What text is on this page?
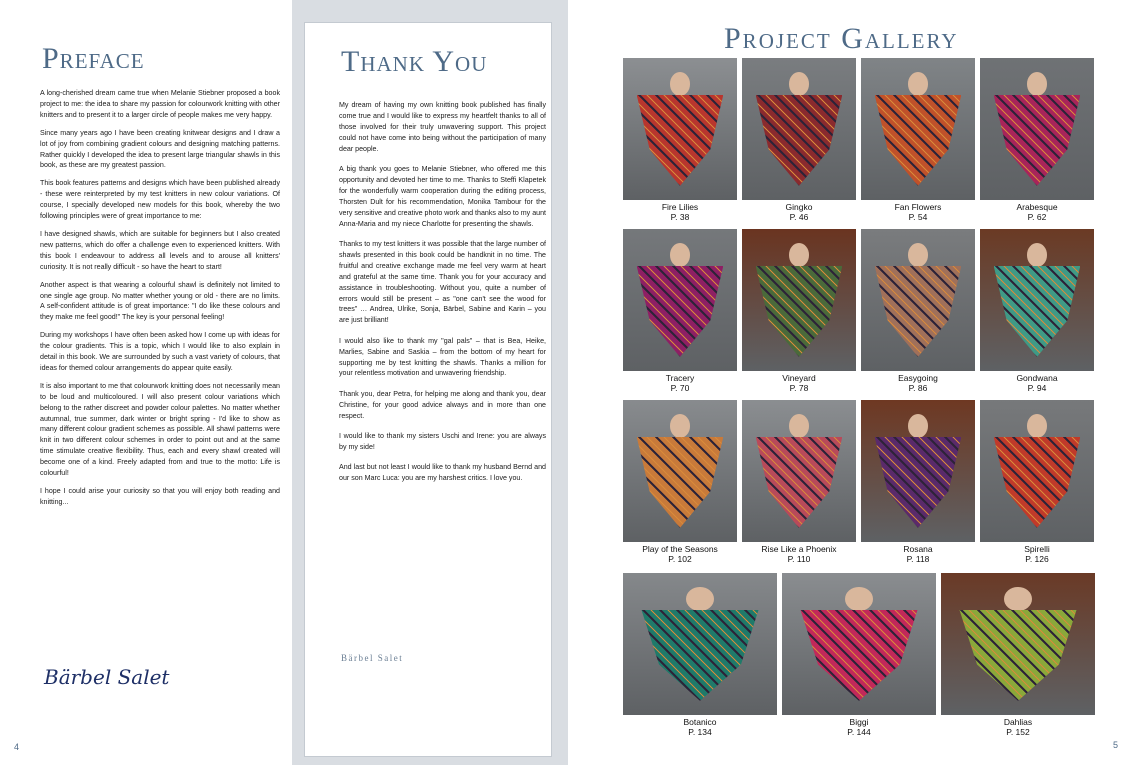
Preface

A long-cherished dream came true when Melanie Stiebner proposed a book project to me: the idea to share my passion for colourwork knitting with other knitters and to present it to a larger circle of people makes me very happy.

Since many years ago I have been creating knitwear designs and I draw a lot of joy from combining gradient colours and designing matching patterns. Rather quickly I developed the idea to present large triangular shawls in this book, as these are my greatest passion.

This book features patterns and designs which have been published already - these were reinterpreted by my test knitters in new colour variations. Of course, I specially developed new models for this book, whereby the two following principles were of great importance to me:

I have designed shawls, which are suitable for beginners but I also created new patterns, which do offer a challenge even to experienced knitters. With this book I endeavour to address all levels and to arouse all knitters' curiosity. It is not really difficult - so have the heart to start!

Another aspect is that wearing a colourful shawl is definitely not limited to one single age group. No matter whether young or old - there are no limits. A self-confident attitude is of great importance: "I do like these colours and they make me feel good!" The key is your personal feeling!

During my workshops I have often been asked how I come up with ideas for the colour gradients. This is a topic, which I would like to also explain in detail in this book. We are surrounded by such a vast variety of colours, that ideas for themed colour arrangements do appear quite easily.

It is also important to me that colourwork knitting does not necessarily mean to be loud and multicoloured. I will also present colour variations which belong to the rather discreet and powder colour palettes. No matter whether autumnal, true summer, dark winter or bright spring - I'd like to show as many different colour gradient schemes as possible. All shawl patterns were knit in two different colour schemes in order to point out and at the same time stimulate creative flexibility. Thus, each and every shawl created will become one of a kind. Freely adapted from and true to the motto: Life is colourful!

I hope I could arise your curiosity so that you will enjoy both reading and knitting...

Bärbel Salet
4
Thank You

My dream of having my own knitting book published has finally come true and I would like to express my heartfelt thanks to all of those involved for their truly unwavering support. This project could not have come into being without the participation of many dear people.

A big thank you goes to Melanie Stiebner, who offered me this opportunity and devoted her time to me. Thanks to Steffi Klapetek for the wonderfully warm cooperation during the editing process, Thorsten Dult for his recommendation, Monika Tambour for the very sensitive and creative photo work and thanks also to my aunt Anna-Maria and my niece Charlotte for presenting the shawls.

Thanks to my test knitters it was possible that the large number of shawls presented in this book could be handknit in no time. The fruitful and creative exchange made me feel very warm at heart and grateful at the same time. Thank you for your accuracy and assistance in troubleshooting. Without you, quite a number of errors would still be present – as "one can't see the wood for trees" … Andrea, Ulrike, Sonja, Bärbel, Sabine and Karin – you are just brilliant!

I would also like to thank my "gal pals" – that is Bea, Heike, Marlies, Sabine and Saskia – from the bottom of my heart for supporting me by test knitting the shawls. Thanks a million for your relentless motivation and unwavering friendship.

Thank you, dear Petra, for helping me along and thank you, dear Christine, for your good advice always and in more than one respect.

I would like to thank my sisters Uschi and Irene: you are always by my side!

And last but not least I would like to thank my husband Bernd and our son Marc Luca: you are my harshest critics. I love you.

Bärbel Salet
Project Gallery
Fire Lilies
P. 38
Gingko
P. 46
Fan Flowers
P. 54
Arabesque
P. 62
Tracery
P. 70
Vineyard
P. 78
Easygoing
P. 86
Gondwana
P. 94
Play of the Seasons
P. 102
Rise Like a Phoenix
P. 110
Rosana
P. 118
Spirelli
P. 126
Botanico
P. 134
Biggi
P. 144
Dahlias
P. 152
5
